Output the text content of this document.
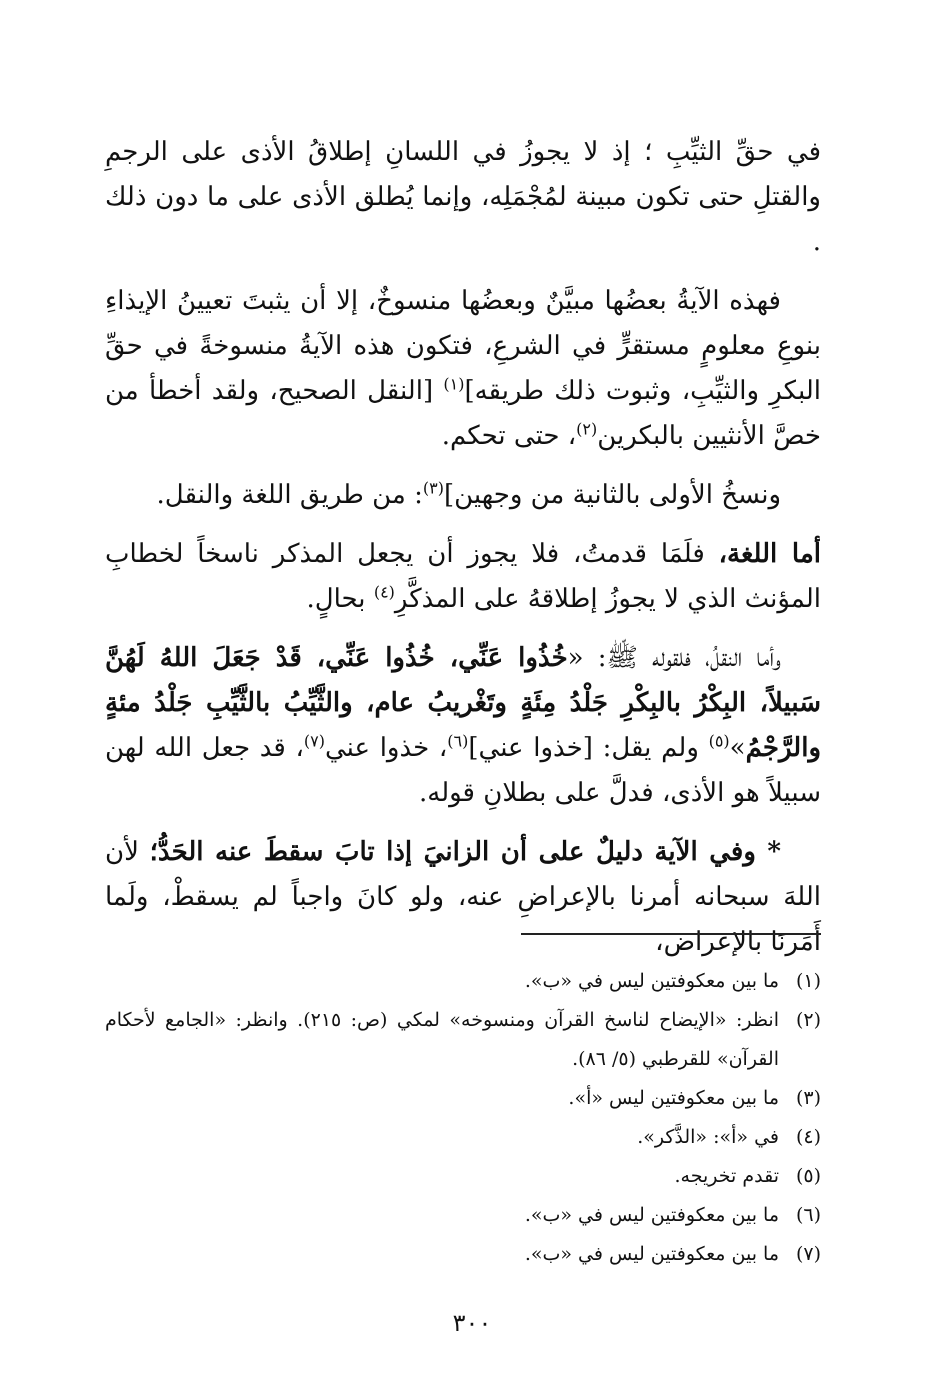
في حقِّ الثيِّبِ ؛ إذ لا يجوزُ في اللسانِ إطلاقُ الأذى على الرجمِ والقتلِ حتى تكون مبينة لمُجْمَلِه، وإنما يُطلق الأذى على ما دون ذلك .

فهذه الآيةُ بعضُها مبيَّنٌ وبعضُها منسوخٌ، إلا أن يثبتَ تعيينُ الإيذاءِ بنوعِ معلومٍ مستقرٍّ في الشرعِ، فتكون هذه الآيةُ منسوخةً في حقِّ البكرِ والثيِّبِ، وثبوت ذلك طريقه]$^{(١)}$ [النقل الصحيح، ولقد أخطأ من خصَّ الأنثيين بالبكرين$^{(٢)}$، حتى تحكم.

ونسخُ الأولى بالثانية من وجهين]$^{(٣)}$: من طريق اللغة والنقل.

أما اللغة، فلَمَا قدمتُ، فلا يجوز أن يجعل المذكر ناسخاً لخطابِ المؤنث الذي لا يجوزُ إطلاقهُ على المذكَّرِ$^{(٤)}$ بحالٍ.

وأما النقلُ، فلقوله ﷺ: «خُذُوا عَنِّي، خُذُوا عَنِّي، قَدْ جَعَلَ اللهُ لَهُنَّ سَبيلاً، البِكْرُ بالبِكْرِ جَلْدُ مِئَةٍ وتَغْريبُ عام، والثَّيِّبُ بالثَّيِّبِ جَلْدُ مئةٍ والرَّجْمُ»$^{(٥)}$ ولم يقل: [خذوا عني]$^{(٦)}$، خذوا عني$^{(٧)}$، قد جعل الله لهن سبيلاً هو الأذى، فدلَّ على بطلانِ قوله.

* وفي الآية دليلٌ على أن الزانيَ إذا تابَ سقطَ عنه الحَدُّ؛ لأن اللهَ سبحانه أمرنا بالإعراضِ عنه، ولو كانَ واجباً لم يسقطْ، ولَما أَمَرنَا بالإعراض،

(١)
ما بين معكوفتين ليس في «ب».
(٢)
انظر: «الإيضاح لناسخ القرآن ومنسوخه» لمكي (ص: ٢١٥). وانظر: «الجامع لأحكام القرآن» للقرطبي (٥/ ٨٦).
(٣)
ما بين معكوفتين ليس «أ».
(٤)
في «أ»: «الذَّكر».
(٥)
تقدم تخريجه.
(٦)
ما بين معكوفتين ليس في «ب».
(٧)
ما بين معكوفتين ليس في «ب».
٣٠٠
